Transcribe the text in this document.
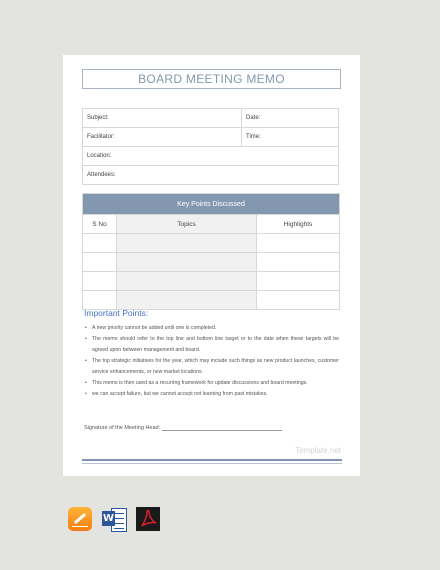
BOARD MEETING MEMO
Subject:	Date:
Facilitator:	Time:
Location:	
Attendees:	
Key Points Discussed		
S No	Topics	Highlights

Important Points:
• A new priority cannot be added until one is completed.
• The memo should refer to the top line and bottom line target or to the date when these targets will be agreed upon between management and board.
• The top strategic initiatives for the year, which may include such things as new product launches, customer service enhancements, or new market locations.
• This memo is then used as a recurring framework for update discussions and board meetings.
• we can accept failure, but we cannot accept not learning from past mistakes.
Signature of the Meeting Head:
Template.net
W
